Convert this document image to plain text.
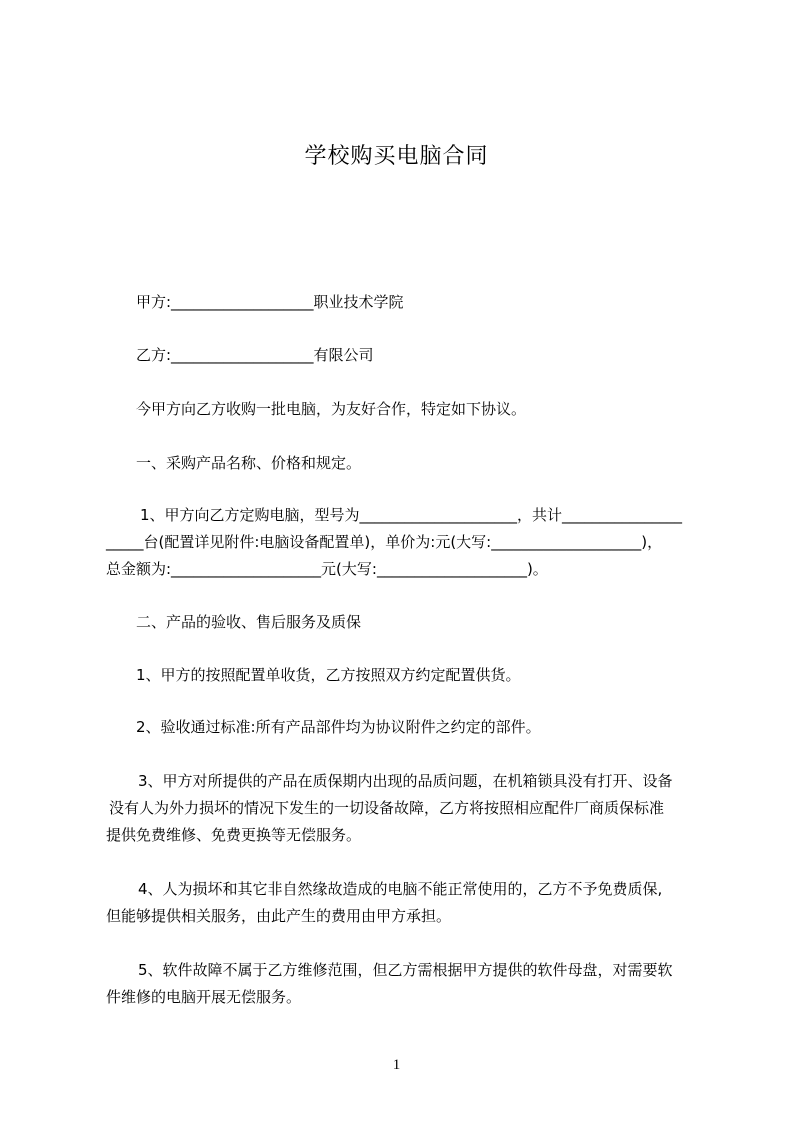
学校购买电脑合同
甲方:___________________职业技术学院
乙方:___________________有限公司
今甲方向乙方收购一批电脑，为友好合作，特定如下协议。
一、采购产品名称、价格和规定。
1、甲方向乙方定购电脑，型号为_____________________，共计________________
_____台(配置详见附件:电脑设备配置单)，单价为:元(大写:____________________)，
总金额为:____________________元(大写:____________________)。
二、产品的验收、售后服务及质保
1、甲方的按照配置单收货，乙方按照双方约定配置供货。
2、验收通过标准:所有产品部件均为协议附件之约定的部件。
3、甲方对所提供的产品在质保期内出现的品质问题，在机箱锁具没有打开、设备
没有人为外力损坏的情况下发生的一切设备故障，乙方将按照相应配件厂商质保标准
提供免费维修、免费更换等无偿服务。
4、人为损坏和其它非自然缘故造成的电脑不能正常使用的，乙方不予免费质保,
但能够提供相关服务，由此产生的费用由甲方承担。
5、软件故障不属于乙方维修范围，但乙方需根据甲方提供的软件母盘，对需要软
件维修的电脑开展无偿服务。
1
